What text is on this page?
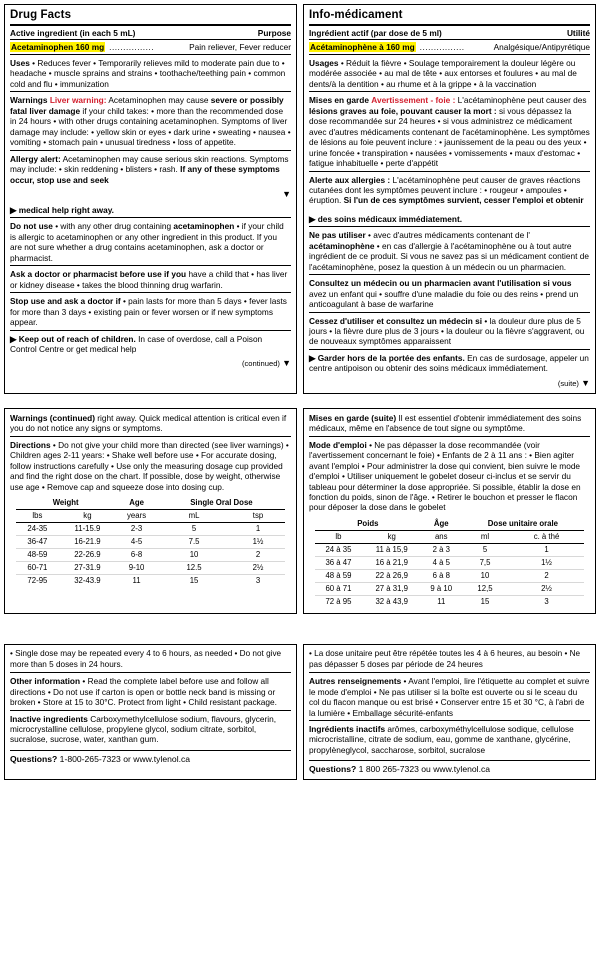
Drug Facts
Active ingredient (in each 5 mL)	Purpose
Acetaminophen 160 mg ................	Pain reliever, Fever reducer
Uses • Reduces fever • Temporarily relieves mild to moderate pain due to • headache • muscle sprains and strains • toothache/teething pain • common cold and flu • immunization
Warnings Liver warning: Acetaminophen may cause severe or possibly fatal liver damage if your child takes: • more than the recommended dose in 24 hours • with other drugs containing acetaminophen. Symptoms of liver damage may include: • yellow skin or eyes • dark urine • sweating • nausea • vomiting • stomach pain • unusual tiredness • loss of appetite.
Allergy alert: Acetaminophen may cause serious skin reactions. Symptoms may include: • skin reddening • blisters • rash. If any of these symptoms occur, stop use and seek
▼
▶ medical help right away.
Do not use • with any other drug containing acetaminophen • if your child is allergic to acetaminophen or any other ingredient in this product. If you are not sure whether a drug contains acetaminophen, ask a doctor or pharmacist.
Ask a doctor or pharmacist before use if you have a child that • has liver or kidney disease • takes the blood thinning drug warfarin.
Stop use and ask a doctor if • pain lasts for more than 5 days • fever lasts for more than 3 days • existing pain or fever worsen or if new symptoms appear.
▶ Keep out of reach of children. In case of overdose, call a Poison Control Centre or get medical help
(continued) ▼
Info-médicament
Ingrédient actif (par dose de 5 ml)	Utilité
Acétaminophène à 160 mg ................	Analgésique/Antipyrétique
Usages • Réduit la fièvre • Soulage temporairement la douleur légère ou modérée associée • au mal de tête • aux entorses et foulures • au mal de dents/à la dentition • au rhume et à la grippe • à la vaccination
Mises en garde Avertissement - foie : L'acétaminophène peut causer des lésions graves au foie, pouvant causer la mort : si vous dépassez la dose recommandée sur 24 heures • si vous administrez ce médicament avec d'autres médicaments contenant de l'acétaminophène. Les symptômes de lésions au foie peuvent inclure : • jaunissement de la peau ou des yeux • urine foncée • transpiration • nausées • vomissements • maux d'estomac • fatigue inhabituelle • perte d'appétit
Alerte aux allergies : L'acétaminophène peut causer de graves réactions cutanées dont les symptômes peuvent inclure : • rougeur • ampoules • éruption. Si l'un de ces symptômes survient, cesser l'emploi et obtenir
▶ des soins médicaux immédiatement.
Ne pas utiliser • avec d'autres médicaments contenant de l' acétaminophène • en cas d'allergie à l'acétaminophène ou à tout autre ingrédient de ce produit. Si vous ne savez pas si un médicament contient de l'acétaminophène, posez la question à un médecin ou un pharmacien.
Consultez un médecin ou un pharmacien avant l'utilisation si vous avez un enfant qui • souffre d'une maladie du foie ou des reins • prend un anticoagulant à base de warfarine
Cessez d'utiliser et consultez un médecin si • la douleur dure plus de 5 jours • la fièvre dure plus de 3 jours • la douleur ou la fièvre s'aggravent, ou de nouveaux symptômes apparaissent
▶ Garder hors de la portée des enfants. En cas de surdosage, appeler un centre antipoison ou obtenir des soins médicaux immédiatement.
(suite) ▼
Warnings (continued) right away. Quick medical attention is critical even if you do not notice any signs or symptoms.
Directions • Do not give your child more than directed (see liver warnings) • Children ages 2-11 years: • Shake well before use • For accurate dosing, follow instructions carefully • Use only the measuring dosage cup provided and find the right dose on the chart. If possible, dose by weight, otherwise use age • Remove cap and squeeze dose into dosing cup.
Weight		Age	Single Oral Dose	
lbs	kg	years	mL	tsp
24-35	11-15.9	2-3	5	1
36-47	16-21.9	4-5	7.5	1½
48-59	22-26.9	6-8	10	2
60-71	27-31.9	9-10	12.5	2½
72-95	32-43.9	11	15	3
Mises en garde (suite) Il est essentiel d'obtenir immédiatement des soins médicaux, même en l'absence de tout signe ou symptôme.
Mode d'emploi • Ne pas dépasser la dose recommandée (voir l'avertissement concernant le foie) • Enfants de 2 à 11 ans : • Bien agiter avant l'emploi • Pour administrer la dose qui convient, bien suivre le mode d'emploi • Utiliser uniquement le gobelet doseur ci-inclus et se servir du tableau pour déterminer la dose appropriée. Si possible, établir la dose en fonction du poids, sinon de l'âge. • Retirer le bouchon et presser le flacon pour déposer la dose dans le gobelet
Poids		Âge	Dose unitaire orale	
lb	kg	ans	ml	c. à thé
24 à 35	11 à 15,9	2 à 3	5	1
36 à 47	16 à 21,9	4 à 5	7,5	1½
48 à 59	22 à 26,9	6 à 8	10	2
60 à 71	27 à 31,9	9 à 10	12,5	2½
72 à 95	32 à 43,9	11	15	3
• Single dose may be repeated every 4 to 6 hours, as needed • Do not give more than 5 doses in 24 hours.
Other information • Read the complete label before use and follow all directions • Do not use if carton is open or bottle neck band is missing or broken • Store at 15 to 30°C. Protect from light • Child resistant package.
Inactive ingredients Carboxymethylcellulose sodium, flavours, glycerin, microcrystalline cellulose, propylene glycol, sodium citrate, sorbitol, sucralose, sucrose, water, xanthan gum.
Questions? 1-800-265-7323 or www.tylenol.ca
• La dose unitaire peut être répétée toutes les 4 à 6 heures, au besoin • Ne pas dépasser 5 doses par période de 24 heures
Autres renseignements • Avant l'emploi, lire l'étiquette au complet et suivre le mode d'emploi • Ne pas utiliser si la boîte est ouverte ou si le sceau du col du flacon manque ou est brisé • Conserver entre 15 et 30 °C, à l'abri de la lumière • Emballage sécurité-enfants
Ingrédients inactifs arômes, carboxyméthylcellulose sodique, cellulose microcristalline, citrate de sodium, eau, gomme de xanthane, glycérine, propylèneglycol, saccharose, sorbitol, sucralose
Questions? 1 800 265-7323 ou www.tylenol.ca
